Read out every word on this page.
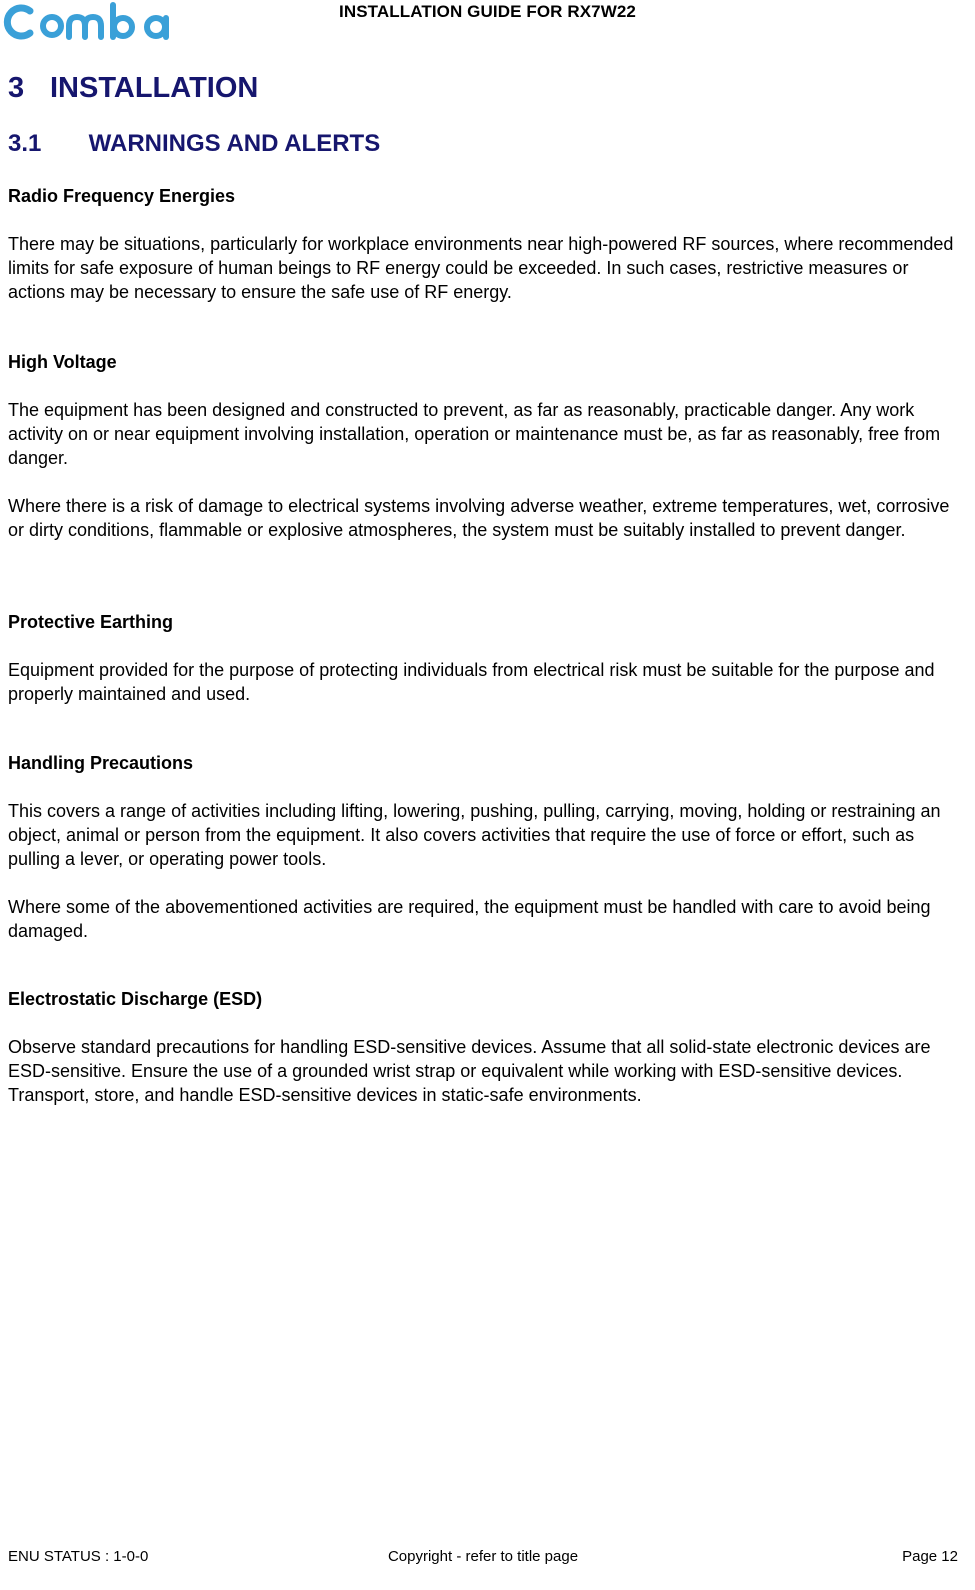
INSTALLATION GUIDE FOR RX7W22
3 INSTALLATION
3.1 WARNINGS AND ALERTS

Radio Frequency Energies

There may be situations, particularly for workplace environments near high-powered RF sources, where recommended limits for safe exposure of human beings to RF energy could be exceeded. In such cases, restrictive measures or actions may be necessary to ensure the safe use of RF energy.

High Voltage

The equipment has been designed and constructed to prevent, as far as reasonably, practicable danger. Any work activity on or near equipment involving installation, operation or maintenance must be, as far as reasonably, free from danger.

Where there is a risk of damage to electrical systems involving adverse weather, extreme temperatures, wet, corrosive or dirty conditions, flammable or explosive atmospheres, the system must be suitably installed to prevent danger.

Protective Earthing

Equipment provided for the purpose of protecting individuals from electrical risk must be suitable for the purpose and properly maintained and used.

Handling Precautions

This covers a range of activities including lifting, lowering, pushing, pulling, carrying, moving, holding or restraining an object, animal or person from the equipment. It also covers activities that require the use of force or effort, such as pulling a lever, or operating power tools.

Where some of the abovementioned activities are required, the equipment must be handled with care to avoid being damaged.

Electrostatic Discharge (ESD)

Observe standard precautions for handling ESD-sensitive devices. Assume that all solid-state electronic devices are ESD-sensitive. Ensure the use of a grounded wrist strap or equivalent while working with ESD-sensitive devices. Transport, store, and handle ESD-sensitive devices in static-safe environments.

ENU STATUS : 1-0-0	Copyright - refer to title page	Page 12
